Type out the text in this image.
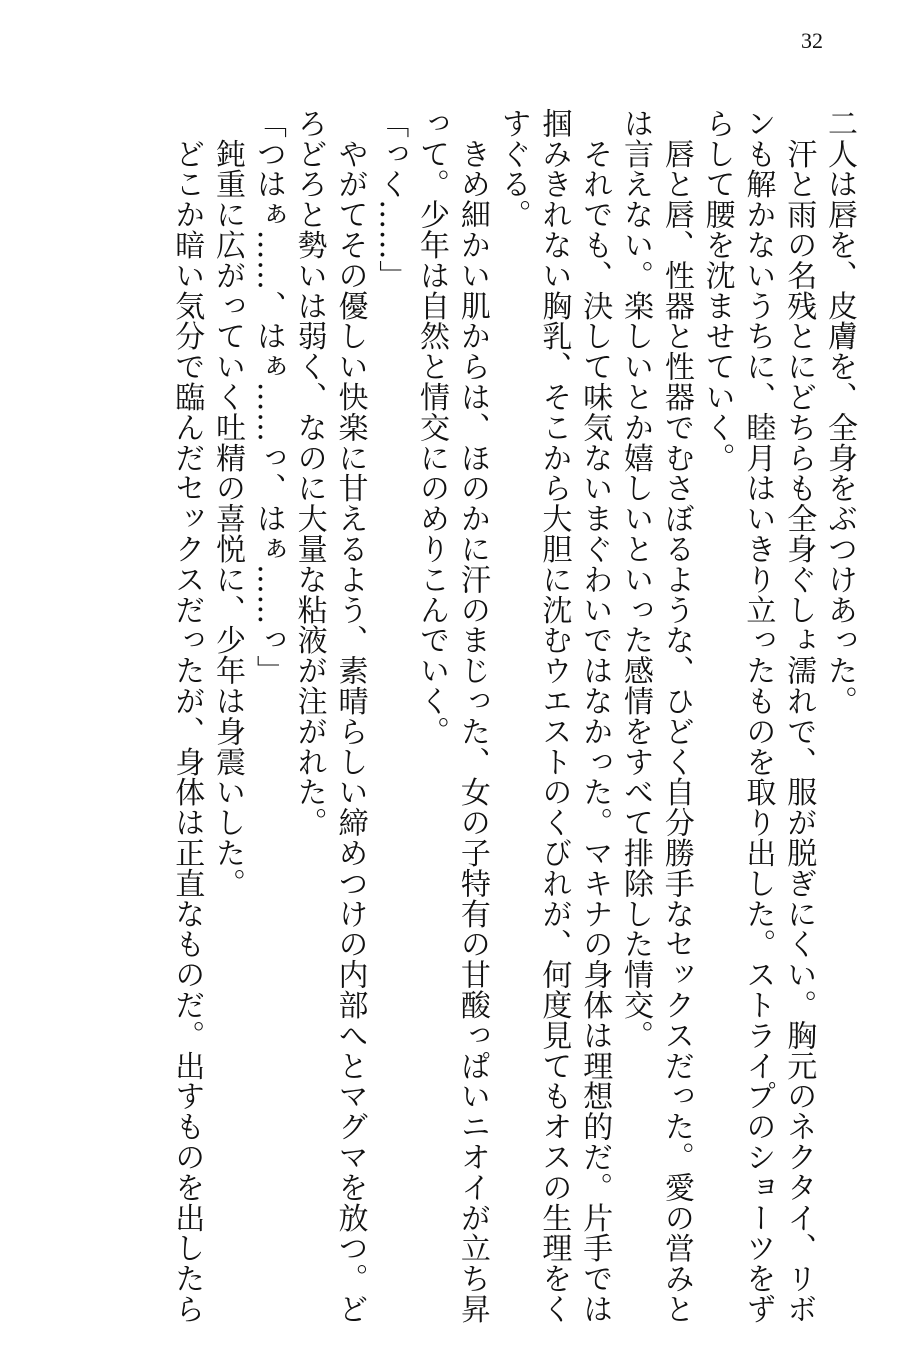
32
二人は唇を、皮膚を、全身をぶつけあった。
　汗と雨の名残とにどちらも全身ぐしょ濡れで、服が脱ぎにくい。胸元のネクタイ、リボ
ンも解かないうちに、睦月はいきり立ったものを取り出した。ストライプのショーツをず
らして腰を沈ませていく。
　唇と唇、性器と性器でむさぼるような、ひどく自分勝手なセックスだった。愛の営みと
は言えない。楽しいとか嬉しいといった感情をすべて排除した情交。
　それでも、決して味気ないまぐわいではなかった。マキナの身体は理想的だ。片手では
掴みきれない胸乳、そこから大胆に沈むウエストのくびれが、何度見てもオスの生理をく
すぐる。
　きめ細かい肌からは、ほのかに汗のまじった、女の子特有の甘酸っぱいニオイが立ち昇
って。少年は自然と情交にのめりこんでいく。
「っく……」
　やがてその優しい快楽に甘えるよう、素晴らしい締めつけの内部へとマグマを放つ。ど
ろどろと勢いは弱く、なのに大量な粘液が注がれた。
「つはぁ……、はぁ……っ、はぁ……っ」
　鈍重に広がっていく吐精の喜悦に、少年は身震いした。
　どこか暗い気分で臨んだセックスだったが、身体は正直なものだ。出すものを出したら
